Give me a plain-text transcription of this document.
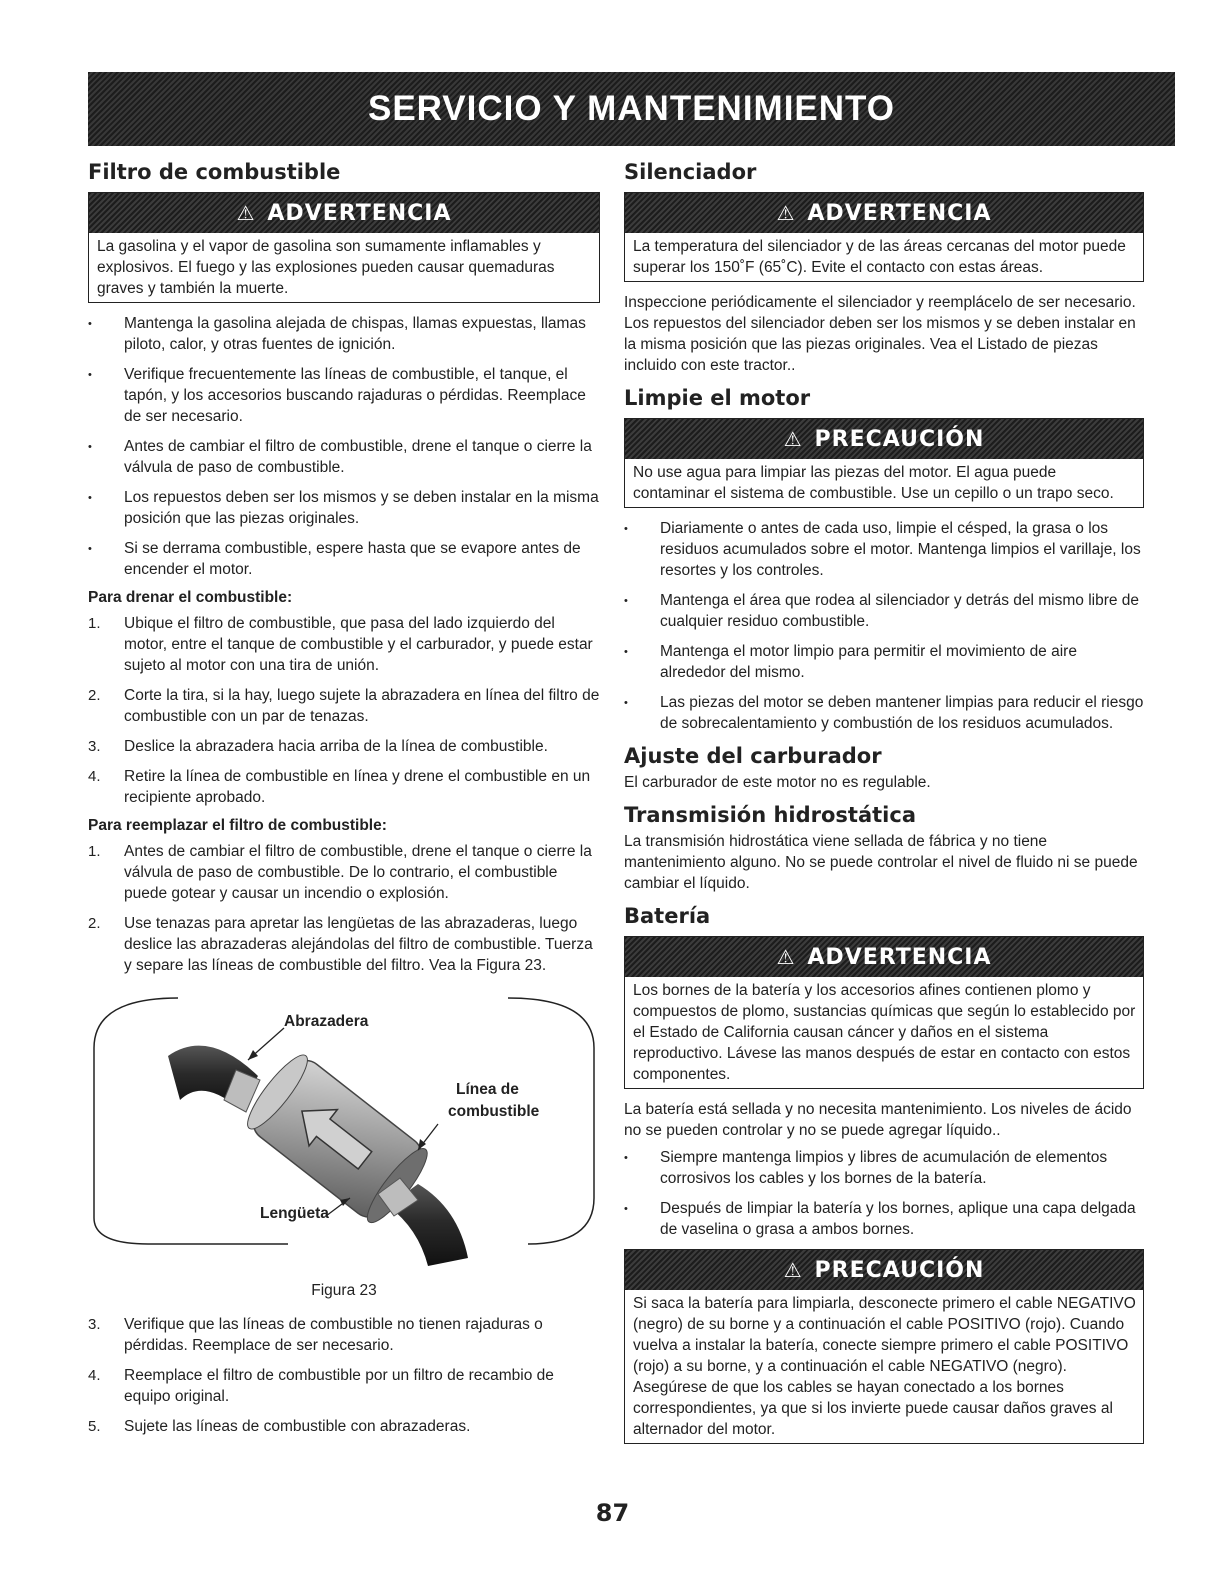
SERVICIO Y MANTENIMIENTO
Filtro de combustible
⚠ ADVERTENCIA
La gasolina y el vapor de gasolina son sumamente inflamables y explosivos. El fuego y las explosiones pueden causar quemaduras graves y también la muerte.
•	Mantenga la gasolina alejada de chispas, llamas expuestas, llamas piloto, calor, y otras fuentes de ignición.
•	Verifique frecuentemente las líneas de combustible, el tanque, el tapón, y los accesorios buscando rajaduras o pérdidas. Reemplace de ser necesario.
•	Antes de cambiar el filtro de combustible, drene el tanque o cierre la válvula de paso de combustible.
•	Los repuestos deben ser los mismos y se deben instalar en la misma posición que las piezas originales.
•	Si se derrama combustible, espere hasta que se evapore antes de encender el motor.
Para drenar el combustible:
1.	Ubique el filtro de combustible, que pasa del lado izquierdo del motor, entre el tanque de combustible y el carburador, y puede estar sujeto al motor con una tira de unión.
2.	Corte la tira, si la hay, luego sujete la abrazadera en línea del filtro de combustible con un par de tenazas.
3.	Deslice la abrazadera hacia arriba de la línea de combustible.
4.	Retire la línea de combustible en línea y drene el combustible en un recipiente aprobado.
Para reemplazar el filtro de combustible:
1.	Antes de cambiar el filtro de combustible, drene el tanque o cierre la válvula de paso de combustible. De lo contrario, el combustible puede gotear y causar un incendio o explosión.
2.	Use tenazas para apretar las lengüetas de las abrazaderas, luego deslice las abrazaderas alejándolas del filtro de combustible. Tuerza y separe las líneas de combustible del filtro. Vea la Figura 23.
Abrazadera
Línea de
combustible
Lengüeta
Figura 23
3.	Verifique que las líneas de combustible no tienen rajaduras o pérdidas. Reemplace de ser necesario.
4.	Reemplace el filtro de combustible por un filtro de recambio de equipo original.
5.	Sujete las líneas de combustible con abrazaderas.
Silenciador
⚠ ADVERTENCIA
La temperatura del silenciador y de las áreas cercanas del motor puede superar los 150˚F (65˚C). Evite el contacto con estas áreas.

Inspeccione periódicamente el silenciador y reemplácelo de ser necesario. Los repuestos del silenciador deben ser los mismos y se deben instalar en la misma posición que las piezas originales. Vea el Listado de piezas incluido con este tractor..

Limpie el motor
⚠ PRECAUCIÓN
No use agua para limpiar las piezas del motor. El agua puede contaminar el sistema de combustible. Use un cepillo o un trapo seco.
•	Diariamente o antes de cada uso, limpie el césped, la grasa o los residuos acumulados sobre el motor. Mantenga limpios el varillaje, los resortes y los controles.
•	Mantenga el área que rodea al silenciador y detrás del mismo libre de cualquier residuo combustible.
•	Mantenga el motor limpio para permitir el movimiento de aire alrededor del mismo.
•	Las piezas del motor se deben mantener limpias para reducir el riesgo de sobrecalentamiento y combustión de los residuos acumulados.
Ajuste del carburador

El carburador de este motor no es regulable.

Transmisión hidrostática

La transmisión hidrostática viene sellada de fábrica y no tiene mantenimiento alguno. No se puede controlar el nivel de fluido ni se puede cambiar el líquido.

Batería
⚠ ADVERTENCIA
Los bornes de la batería y los accesorios afines contienen plomo y compuestos de plomo, sustancias químicas que según lo establecido por el Estado de California causan cáncer y daños en el sistema reproductivo. Lávese las manos después de estar en contacto con estos componentes.

La batería está sellada y no necesita mantenimiento. Los niveles de ácido no se pueden controlar y no se puede agregar líquido..

•	Siempre mantenga limpios y libres de acumulación de elementos corrosivos los cables y los bornes de la batería.
•	Después de limpiar la batería y los bornes, aplique una capa delgada de vaselina o grasa a ambos bornes.
⚠ PRECAUCIÓN
Si saca la batería para limpiarla, desconecte primero el cable NEGATIVO (negro) de su borne y a continuación el cable POSITIVO (rojo). Cuando vuelva a instalar la batería, conecte siempre primero el cable POSITIVO (rojo) a su borne, y a continuación el cable NEGATIVO (negro). Asegúrese de que los cables se hayan conectado a los bornes correspondientes, ya que si los invierte puede causar daños graves al alternador del motor.
87
